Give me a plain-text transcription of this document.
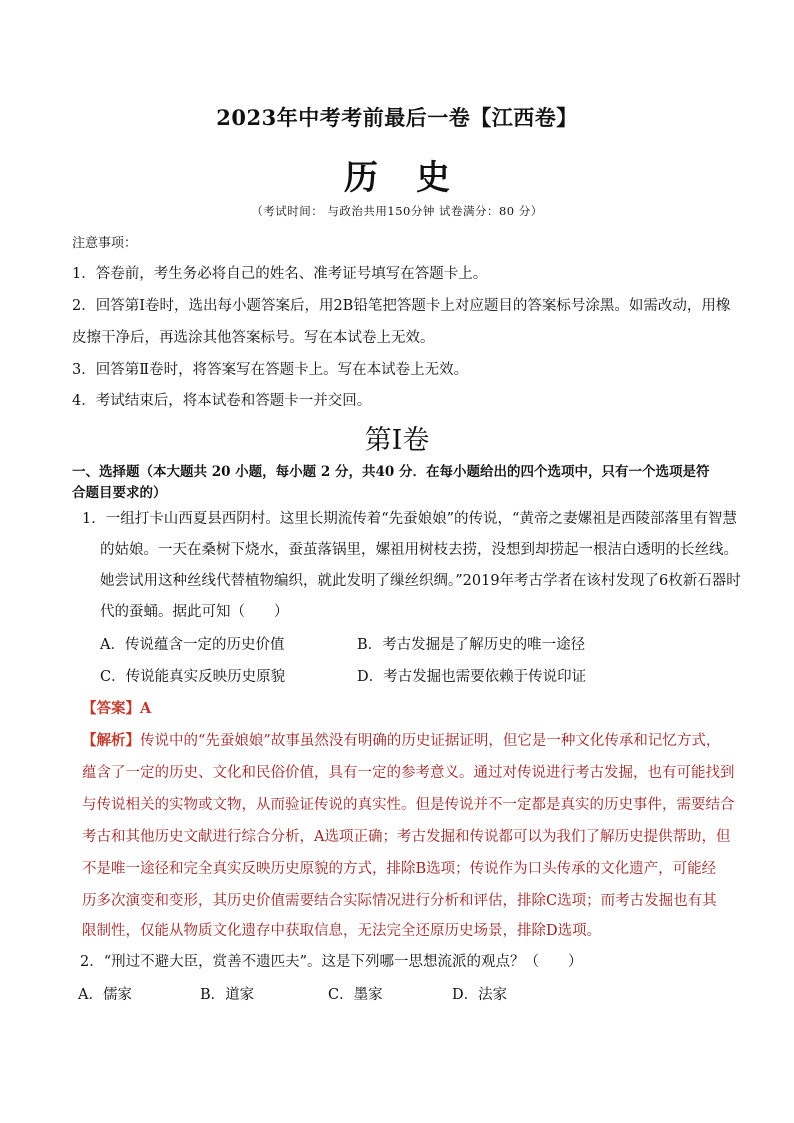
2023年中考考前最后一卷【江西卷】
历史
（考试时间： 与政治共用150分钟 试卷满分：80 分）
注意事项：
1．答卷前，考生务必将自己的姓名、准考证号填写在答题卡上。
2．回答第Ⅰ卷时，选出每小题答案后，用2B铅笔把答题卡上对应题目的答案标号涂黑。如需改动，用橡
皮擦干净后，再选涂其他答案标号。写在本试卷上无效。
3．回答第Ⅱ卷时，将答案写在答题卡上。写在本试卷上无效。
4．考试结束后，将本试卷和答题卡一并交回。
第Ⅰ卷
一、选择题（本大题共 20 小题，每小题 2 分，共40 分．在每小题给出的四个选项中，只有一个选项是符
合题目要求的）
1．一组打卡山西夏县西阴村。这里长期流传着“先蚕娘娘”的传说，“黄帝之妻嫘祖是西陵部落里有智慧
的姑娘。一天在桑树下烧水，蚕茧落锅里，嫘祖用树枝去捞，没想到却捞起一根洁白透明的长丝线。
她尝试用这种丝线代替植物编织，就此发明了缫丝织绸。”2019年考古学者在该村发现了6枚新石器时
代的蚕蛹。据此可知（　　）
A．传说蕴含一定的历史价值	B．考古发掘是了解历史的唯一途径
C．传说能真实反映历史原貌	D．考古发掘也需要依赖于传说印证
【答案】A
【解析】传说中的“先蚕娘娘”故事虽然没有明确的历史证据证明，但它是一种文化传承和记忆方式，
蕴含了一定的历史、文化和民俗价值，具有一定的参考意义。通过对传说进行考古发掘，也有可能找到
与传说相关的实物或文物，从而验证传说的真实性。但是传说并不一定都是真实的历史事件，需要结合
考古和其他历史文献进行综合分析，A选项正确；考古发掘和传说都可以为我们了解历史提供帮助，但
不是唯一途径和完全真实反映历史原貌的方式，排除B选项；传说作为口头传承的文化遗产，可能经
历多次演变和变形，其历史价值需要结合实际情况进行分析和评估，排除C选项；而考古发掘也有其
限制性，仅能从物质文化遗存中获取信息，无法完全还原历史场景，排除D选项。
2．“刑过不避大臣，赏善不遗匹夫”。这是下列哪一思想流派的观点？（　　）
A．儒家	B．道家	C．墨家	D．法家
